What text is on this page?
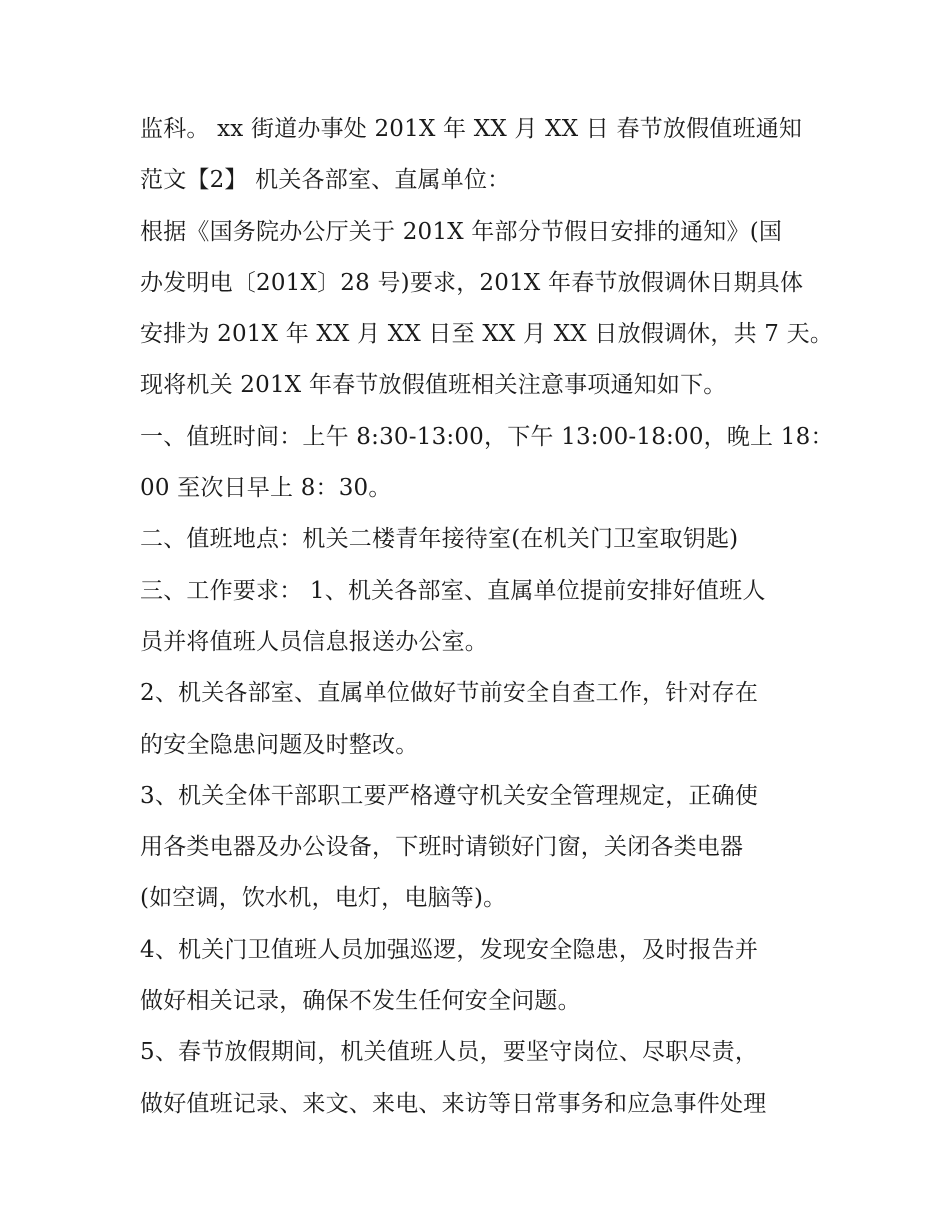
监科。 xx 街道办事处 201X 年 XX 月 XX 日 春节放假值班通知
范文【2】 机关各部室、直属单位：
根据《国务院办公厅关于 201X 年部分节假日安排的通知》(国
办发明电〔201X〕28 号)要求，201X 年春节放假调休日期具体
安排为 201X 年 XX 月 XX 日至 XX 月 XX 日放假调休，共 7 天。
现将机关 201X 年春节放假值班相关注意事项通知如下。
一、值班时间：上午 8:30-13:00，下午 13:00-18:00，晚上 18：
00 至次日早上 8：30。
二、值班地点：机关二楼青年接待室(在机关门卫室取钥匙)
三、工作要求： 1、机关各部室、直属单位提前安排好值班人
员并将值班人员信息报送办公室。
2、机关各部室、直属单位做好节前安全自查工作，针对存在
的安全隐患问题及时整改。
3、机关全体干部职工要严格遵守机关安全管理规定，正确使
用各类电器及办公设备，下班时请锁好门窗，关闭各类电器
(如空调，饮水机，电灯，电脑等)。
4、机关门卫值班人员加强巡逻，发现安全隐患，及时报告并
做好相关记录，确保不发生任何安全问题。
5、春节放假期间，机关值班人员，要坚守岗位、尽职尽责，
做好值班记录、来文、来电、来访等日常事务和应急事件处理
